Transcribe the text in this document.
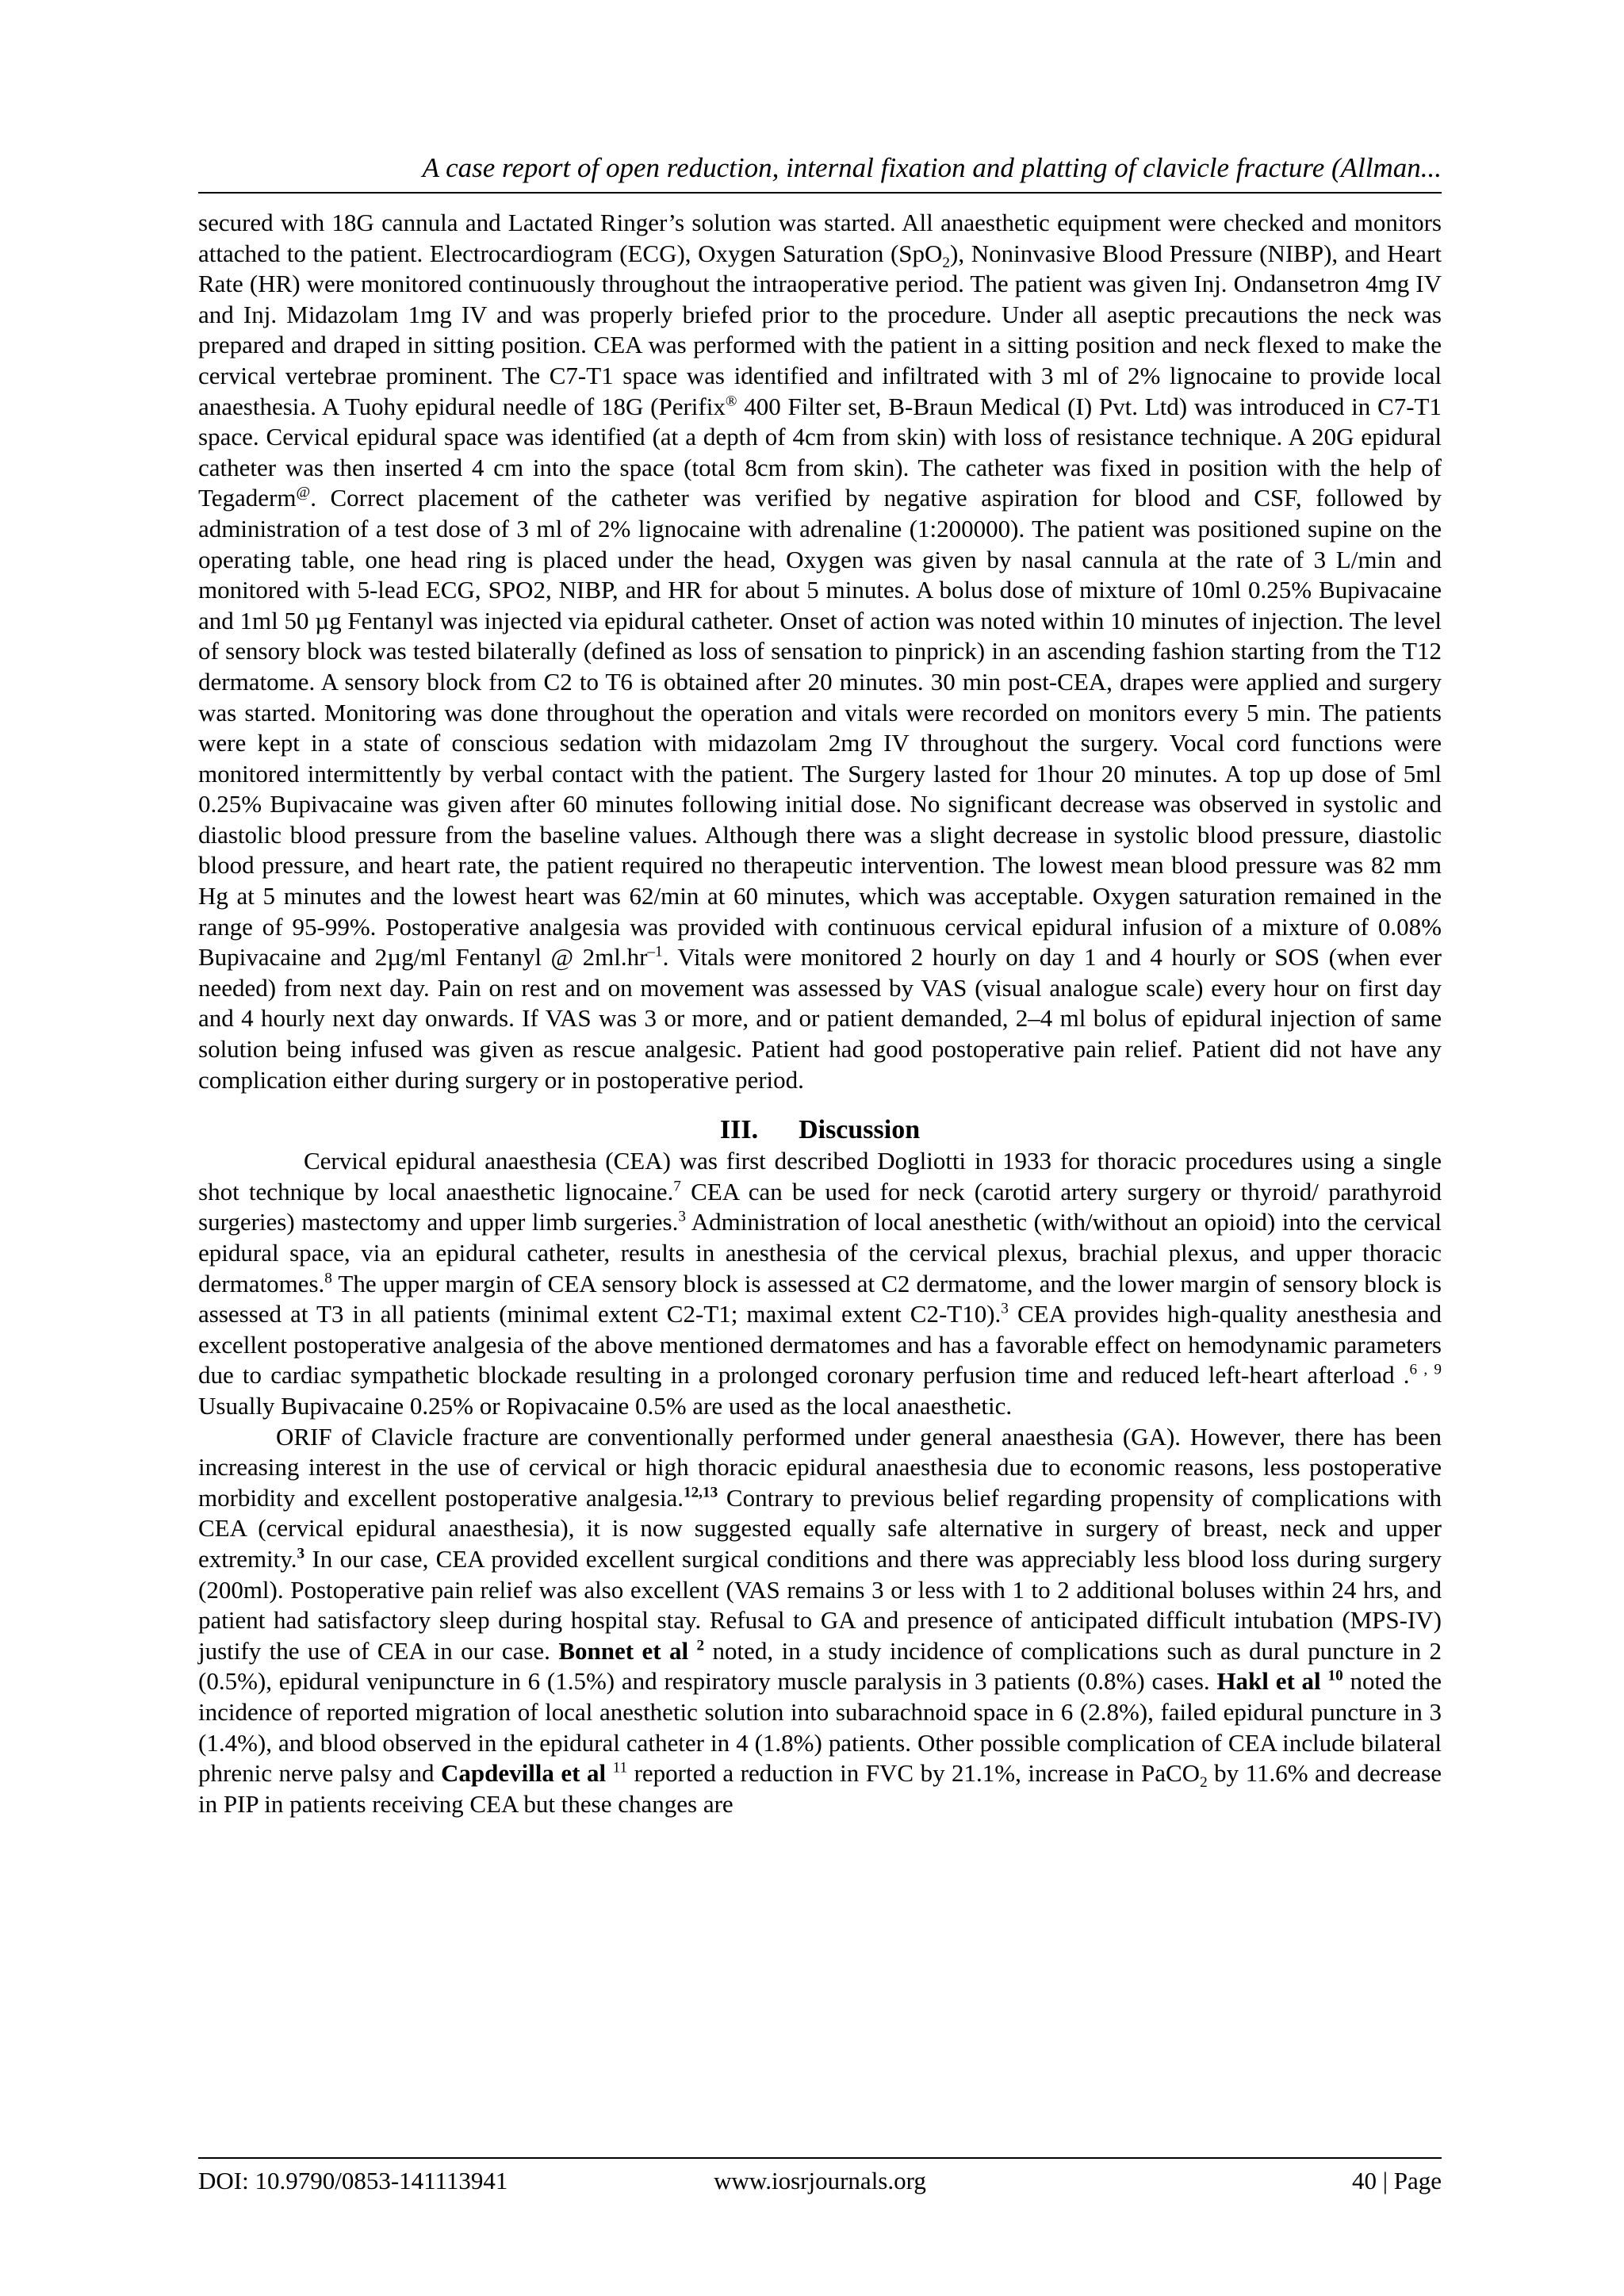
A case report of open reduction, internal fixation and platting of clavicle fracture (Allman...

secured with 18G cannula and Lactated Ringer’s solution was started. All anaesthetic equipment were checked and monitors attached to the patient. Electrocardiogram (ECG), Oxygen Saturation (SpO$_2$), Noninvasive Blood Pressure (NIBP), and Heart Rate (HR) were monitored continuously throughout the intraoperative period. The patient was given Inj. Ondansetron 4mg IV and Inj. Midazolam 1mg IV and was properly briefed prior to the procedure. Under all aseptic precautions the neck was prepared and draped in sitting position. CEA was performed with the patient in a sitting position and neck flexed to make the cervical vertebrae prominent. The C7-T1 space was identified and infiltrated with 3 ml of 2% lignocaine to provide local anaesthesia. A Tuohy epidural needle of 18G (Perifix® 400 Filter set, B-Braun Medical (I) Pvt. Ltd) was introduced in C7-T1 space. Cervical epidural space was identified (at a depth of 4cm from skin) with loss of resistance technique. A 20G epidural catheter was then inserted 4 cm into the space (total 8cm from skin). The catheter was fixed in position with the help of Tegaderm@. Correct placement of the catheter was verified by negative aspiration for blood and CSF, followed by administration of a test dose of 3 ml of 2% lignocaine with adrenaline (1:200000). The patient was positioned supine on the operating table, one head ring is placed under the head, Oxygen was given by nasal cannula at the rate of 3 L/min and monitored with 5-lead ECG, SPO2, NIBP, and HR for about 5 minutes. A bolus dose of mixture of 10ml 0.25% Bupivacaine and 1ml 50 µg Fentanyl was injected via epidural catheter. Onset of action was noted within 10 minutes of injection. The level of sensory block was tested bilaterally (defined as loss of sensation to pinprick) in an ascending fashion starting from the T12 dermatome. A sensory block from C2 to T6 is obtained after 20 minutes. 30 min post-CEA, drapes were applied and surgery was started. Monitoring was done throughout the operation and vitals were recorded on monitors every 5 min. The patients were kept in a state of conscious sedation with midazolam 2mg IV throughout the surgery. Vocal cord functions were monitored intermittently by verbal contact with the patient. The Surgery lasted for 1hour 20 minutes. A top up dose of 5ml 0.25% Bupivacaine was given after 60 minutes following initial dose. No significant decrease was observed in systolic and diastolic blood pressure from the baseline values. Although there was a slight decrease in systolic blood pressure, diastolic blood pressure, and heart rate, the patient required no therapeutic intervention. The lowest mean blood pressure was 82 mm Hg at 5 minutes and the lowest heart was 62/min at 60 minutes, which was acceptable. Oxygen saturation remained in the range of 95-99%. Postoperative analgesia was provided with continuous cervical epidural infusion of a mixture of 0.08% Bupivacaine and 2µg/ml Fentanyl @ $2ml.hr^{-1}$. Vitals were monitored 2 hourly on day 1 and 4 hourly or SOS (when ever needed) from next day. Pain on rest and on movement was assessed by VAS (visual analogue scale) every hour on first day and 4 hourly next day onwards. If VAS was 3 or more, and or patient demanded, 2–4 ml bolus of epidural injection of same solution being infused was given as rescue analgesic. Patient had good postoperative pain relief. Patient did not have any complication either during surgery or in postoperative period.

III.      Discussion

Cervical epidural anaesthesia (CEA) was first described Dogliotti in 1933 for thoracic procedures using a single shot technique by local anaesthetic lignocaine.$^7$ CEA can be used for neck (carotid artery surgery or thyroid/ parathyroid surgeries) mastectomy and upper limb surgeries.$^3$ Administration of local anesthetic (with/without an opioid) into the cervical epidural space, via an epidural catheter, results in anesthesia of the cervical plexus, brachial plexus, and upper thoracic dermatomes.$^8$ The upper margin of CEA sensory block is assessed at C2 dermatome, and the lower margin of sensory block is assessed at T3 in all patients (minimal extent C2-T1; maximal extent C2-T10).$^3$ CEA provides high-quality anesthesia and excellent postoperative analgesia of the above mentioned dermatomes and has a favorable effect on hemodynamic parameters due to cardiac sympathetic blockade resulting in a prolonged coronary perfusion time and reduced left-heart afterload .$^{6 , 9}$ Usually Bupivacaine 0.25% or Ropivacaine 0.5% are used as the local anaesthetic.

ORIF of Clavicle fracture are conventionally performed under general anaesthesia (GA). However, there has been increasing interest in the use of cervical or high thoracic epidural anaesthesia due to economic reasons, less postoperative morbidity and excellent postoperative analgesia.$^{12,13}$ Contrary to previous belief regarding propensity of complications with CEA (cervical epidural anaesthesia), it is now suggested equally safe alternative in surgery of breast, neck and upper extremity.$^3$ In our case, CEA provided excellent surgical conditions and there was appreciably less blood loss during surgery (200ml). Postoperative pain relief was also excellent (VAS remains 3 or less with 1 to 2 additional boluses within 24 hrs, and patient had satisfactory sleep during hospital stay. Refusal to GA and presence of anticipated difficult intubation (MPS-IV) justify the use of CEA in our case. Bonnet et al $^2$ noted, in a study incidence of complications such as dural puncture in 2 (0.5%), epidural venipuncture in 6 (1.5%) and respiratory muscle paralysis in 3 patients (0.8%) cases. Hakl et al $^{10}$ noted the incidence of reported migration of local anesthetic solution into subarachnoid space in 6 (2.8%), failed epidural puncture in 3 (1.4%), and blood observed in the epidural catheter in 4 (1.8%) patients. Other possible complication of CEA include bilateral phrenic nerve palsy and Capdevilla et al $^{11}$ reported a reduction in FVC by 21.1%, increase in PaCO$_2$ by 11.6% and decrease in PIP in patients receiving CEA but these changes are

DOI: 10.9790/0853-141113941	www.iosrjournals.org	40 | Page
